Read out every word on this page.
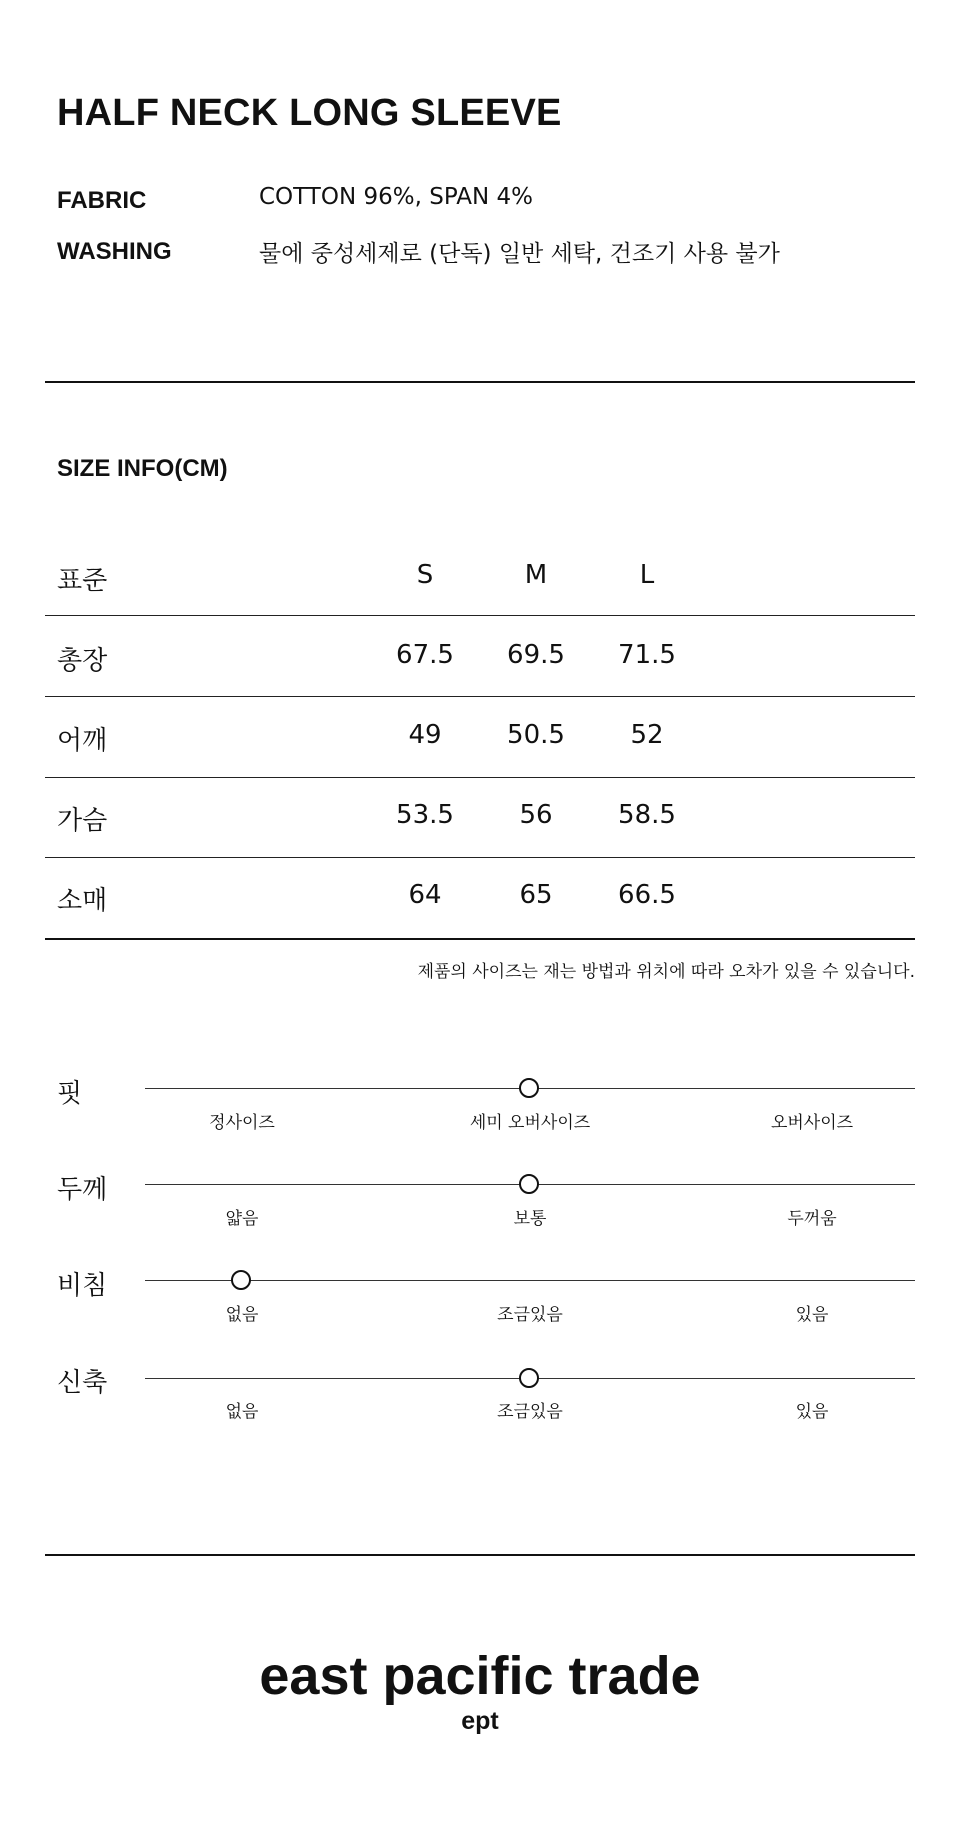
HALF NECK LONG SLEEVE
FABRIC	COTTON 96%, SPAN 4%
WASHING	물에 중성세제로 (단독) 일반 세탁, 건조기 사용 불가
SIZE INFO(CM)
표준	S	M	L
총장	67.5	69.5	71.5
어깨	49	50.5	52
가슴	53.5	56	58.5
소매	64	65	66.5
제품의 사이즈는 재는 방법과 위치에 따라 오차가 있을 수 있습니다.
핏
정사이즈	세미 오버사이즈	오버사이즈
두께
얇음	보통	두꺼움
비침
없음	조금있음	있음
신축
없음	조금있음	있음
east pacific trade
ept
